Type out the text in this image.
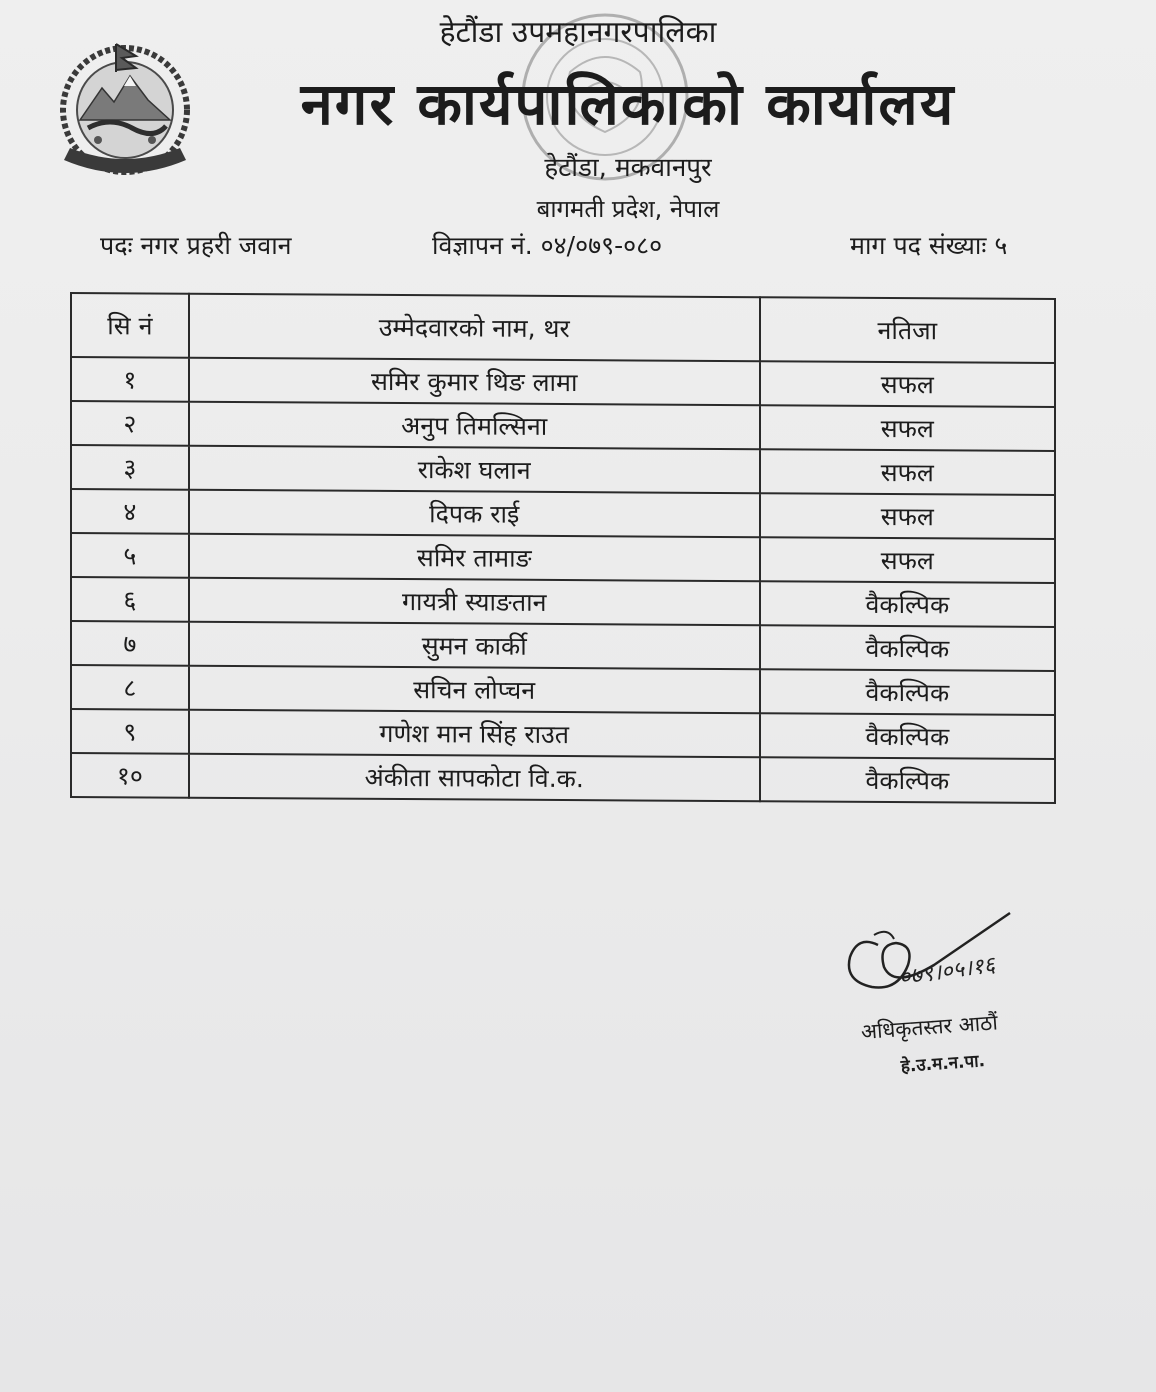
हेटौंडा उपमहानगरपालिका
नगर कार्यपालिकाको कार्यालय
हेटौंडा, मकवानपुर
बागमती प्रदेश, नेपाल
पदः नगर प्रहरी जवान	विज्ञापन नं. ०४/०७९-०८०	माग पद संख्याः ५
सि नं	उम्मेदवारको नाम, थर	नतिजा
१	समिर कुमार थिङ लामा	सफल
२	अनुप तिमल्सिना	सफल
३	राकेश घलान	सफल
४	दिपक राई	सफल
५	समिर तामाङ	सफल
६	गायत्री स्याङतान	वैकल्पिक
७	सुमन कार्की	वैकल्पिक
८	सचिन लोप्चन	वैकल्पिक
९	गणेश मान सिंह राउत	वैकल्पिक
१०	अंकीता सापकोटा वि.क.	वैकल्पिक
०७९।०५।१६
अधिकृतस्तर आठौं
हे.उ.म.न.पा.
